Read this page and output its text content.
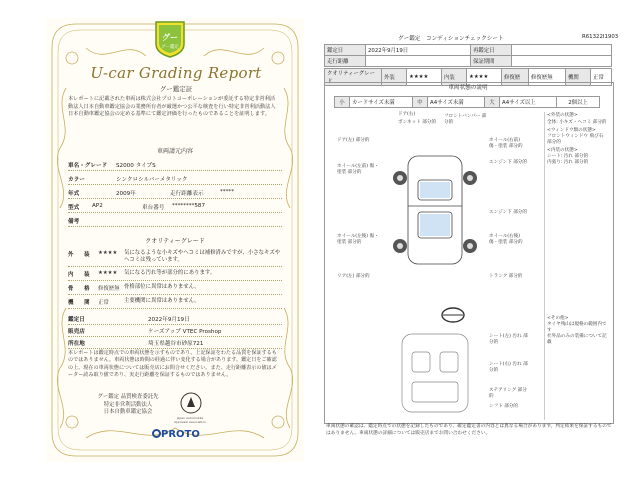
グー
グー鑑定
U-car Grading Report
グー鑑定証
本レポートに記載された車両は株式会社プロトコーポレーションが委託する特定非営利活動法人日本自動車鑑定協会の業務所有者が厳選かつ公平な検査を行い特定非営利活動法人日本自動車鑑定協会の定める基準にて鑑定評価を行ったものであることを証明します。
車両請元内容
車名・グレード S2000 タイプS
カラー	シンクロシルバーメタリック
年式	2009年	走行距離表示	*****
型式 AP2	車台番号 ********587
備考
クオリティーグレード
外　　装 ★★★★ 気になるような小キズやヘコミは補修済みですが、小さなキズやヘコミは残っています。
内　　装 ★★★★ 気になる汚れ等が部分的にあります。
骨　　格 修復歴無 骨格部位に異常はありません。
機　　関 正常	主要機関に異常はありません。
鑑定日	2022年9月19日
販売店	ケーズアップ VTEC Proshop
所在地	埼玉県越谷市砂原721
本レポートは鑑定時点での車両状態を示すものであり、上記保証をわたる品質を保証するものではありません。車両状態は時間の経過に伴い変化する場合があります。鑑定日をご確認の上、現在の車両状態については販売店にお問合せください。また、走行距離表示の値はメーター読み取り値であり、実走行距離を保証するものではありません。
グー鑑定 品質検査委託先
特定非営利活動法人
日本自動車鑑定協会
Japan Automobile Appraisal Association
PROTO
グー鑑定　コンディションチェックシート	R61322I1903
鑑定日	2022年9月19日	再鑑定日	
走行距離		保証期間	
クオリティーグレード	外装	★★★★	内装	★★★★	修復歴	修復歴無	機関	正常
車両状態の説明
小	カードサイズ未満	中	A4サイズ未満	大	A4サイズ以上	2個以上
ドア(左) 部分的
ホイール(左前) 傷・塗装 部分的
ホイール(左後) 傷・塗装 部分的
リア(左) 部分的
ドア(右)
ボンネット 部分的
フロントバンパー 部分的
ホイール(右前) 傷・塗装 部分的
エンジン下 部分的
エンジン下 部分的
ホイール(右後) 傷・塗装 部分的
トランク 部分的
シート(左) 汚れ 部分的
シート(右) 汚れ 部分的
ステアリング 部分的
シフト 部分的
<外装の状態>
全体: 小キズ・ヘコミ 部分的
<ウィンドウ類の状態>
フロントウィンドウ 飛び石 部分的
<内装の状態>
シート: 汚れ 部分的
内張り: 汚れ 部分的
<その他>
タイヤ残山は規格の範囲内です
社外品のみの装備について記載
車両状態の確認は、鑑定時点での状態を記録したものであり、確定鑑定書の内容とは異なる場合があります。判定結果を保証するものではありません。車両状態の詳細については販売店までお問い合わせください。
